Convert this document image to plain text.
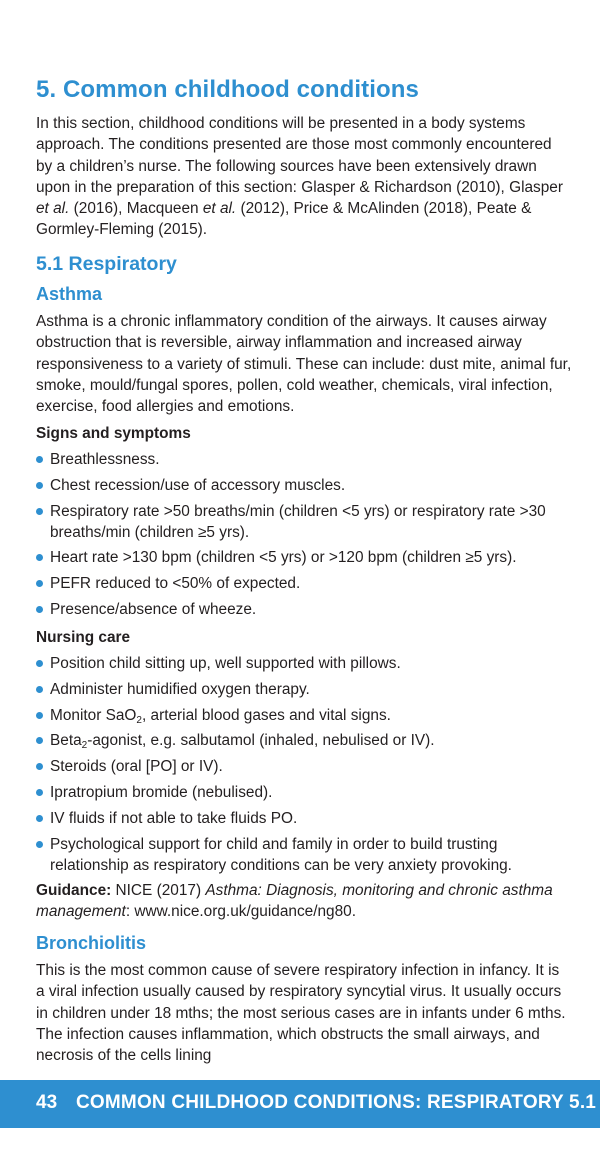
5. Common childhood conditions

In this section, childhood conditions will be presented in a body systems approach. The conditions presented are those most commonly encountered by a children’s nurse. The following sources have been extensively drawn upon in the preparation of this section: Glasper & Richardson (2010), Glasper et al. (2016), Macqueen et al. (2012), Price & McAlinden (2018), Peate & Gormley-Fleming (2015).

5.1 Respiratory
Asthma

Asthma is a chronic inflammatory condition of the airways. It causes airway obstruction that is reversible, airway inflammation and increased airway responsiveness to a variety of stimuli. These can include: dust mite, animal fur, smoke, mould/fungal spores, pollen, cold weather, chemicals, viral infection, exercise, food allergies and emotions.

Signs and symptoms
Breathlessness.
Chest recession/use of accessory muscles.
Respiratory rate >50 breaths/min (children <5 yrs) or respiratory rate >30 breaths/min (children ≥5 yrs).
Heart rate >130 bpm (children <5 yrs) or >120 bpm (children ≥5 yrs).
PEFR reduced to <50% of expected.
Presence/absence of wheeze.
Nursing care
Position child sitting up, well supported with pillows.
Administer humidified oxygen therapy.
Monitor SaO$_2$, arterial blood gases and vital signs.
Beta$_2$-agonist, e.g. salbutamol (inhaled, nebulised or IV).
Steroids (oral [PO] or IV).
Ipratropium bromide (nebulised).
IV fluids if not able to take fluids PO.
Psychological support for child and family in order to build trusting relationship as respiratory conditions can be very anxiety provoking.

Guidance: NICE (2017) Asthma: Diagnosis, monitoring and chronic asthma management: www.nice.org.uk/guidance/ng80.

Bronchiolitis

This is the most common cause of severe respiratory infection in infancy. It is a viral infection usually caused by respiratory syncytial virus. It usually occurs in children under 18 mths; the most serious cases are in infants under 6 mths. The infection causes inflammation, which obstructs the small airways, and necrosis of the cells lining

43 COMMON CHILDHOOD CONDITIONS: RESPIRATORY 5.1
